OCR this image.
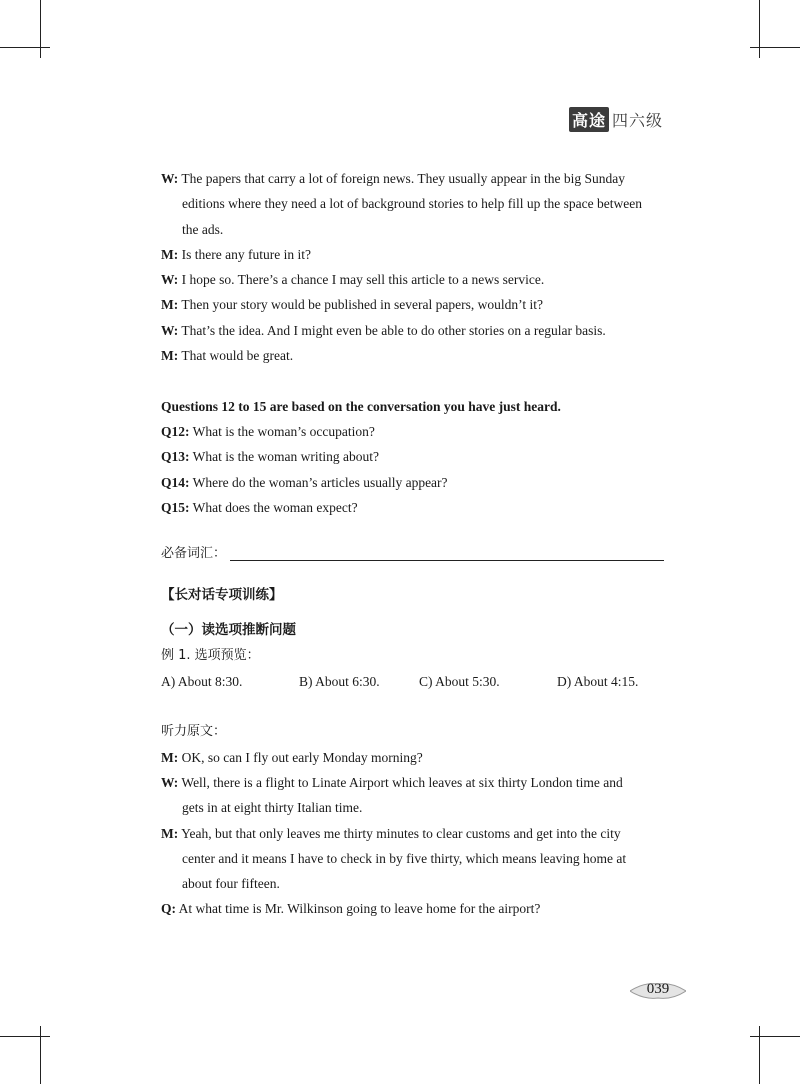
高途 四六级
W: The papers that carry a lot of foreign news. They usually appear in the big Sunday
editions where they need a lot of background stories to help fill up the space between
the ads.
M: Is there any future in it?
W: I hope so. There’s a chance I may sell this article to a news service.
M: Then your story would be published in several papers, wouldn’t it?
W: That’s the idea. And I might even be able to do other stories on a regular basis.
M: That would be great.
Questions 12 to 15 are based on the conversation you have just heard.
Q12: What is the woman’s occupation?
Q13: What is the woman writing about?
Q14: Where do the woman’s articles usually appear?
Q15: What does the woman expect?
必备词汇：
【长对话专项训练】
（一）读选项推断问题
例 1. 选项预览：
A) About 8:30.	B) About 6:30.	C) About 5:30.	D) About 4:15.
听力原文：
M: OK, so can I fly out early Monday morning?
W: Well, there is a flight to Linate Airport which leaves at six thirty London time and
gets in at eight thirty Italian time.
M: Yeah, but that only leaves me thirty minutes to clear customs and get into the city
center and it means I have to check in by five thirty, which means leaving home at
about four fifteen.
Q: At what time is Mr. Wilkinson going to leave home for the airport?
039
